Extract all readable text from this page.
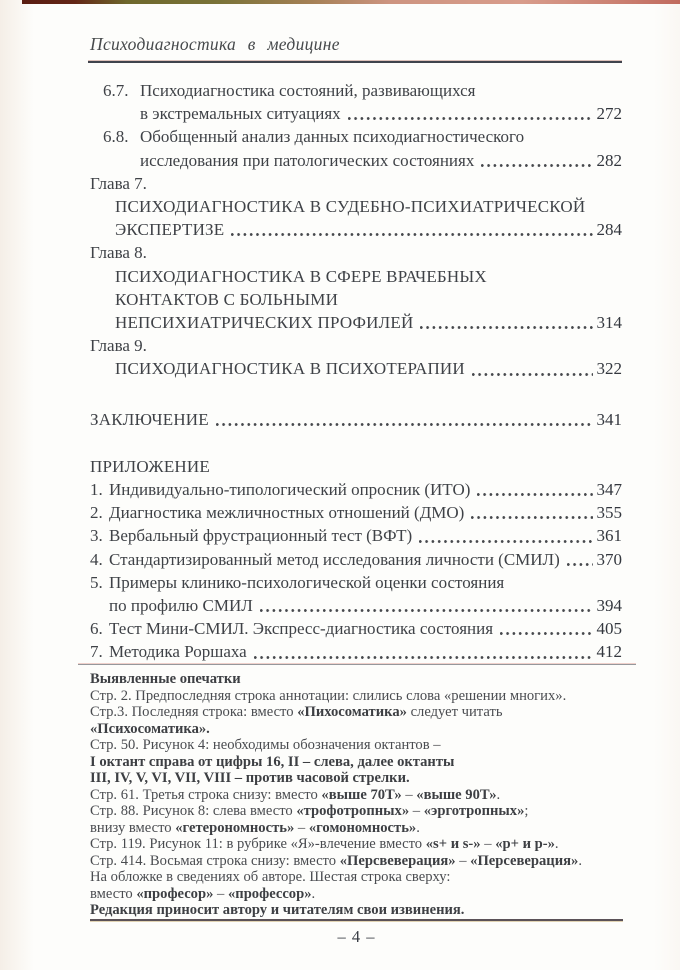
Психодиагностика в медицине
6.7. Психодиагностика состояний, развивающихся
в экстремальных ситуациях	272
6.8. Обобщенный анализ данных психодиагностического
исследования при патологических состояниях	282
Глава 7.
ПСИХОДИАГНОСТИКА В СУДЕБНО-ПСИХИАТРИЧЕСКОЙ
ЭКСПЕРТИЗЕ	284
Глава 8.
ПСИХОДИАГНОСТИКА В СФЕРЕ ВРАЧЕБНЫХ
КОНТАКТОВ С БОЛЬНЫМИ
НЕПСИХИАТРИЧЕСКИХ ПРОФИЛЕЙ	314
Глава 9.
ПСИХОДИАГНОСТИКА В ПСИХОТЕРАПИИ	322
ЗАКЛЮЧЕНИЕ	341
ПРИЛОЖЕНИЕ
1. Индивидуально-типологический опросник (ИТО)	347
2. Диагностика межличностных отношений (ДМО)	355
3. Вербальный фрустрационный тест (ВФТ)	361
4. Стандартизированный метод исследования личности (СМИЛ) 370
5. Примеры клинико-психологической оценки состояния
по профилю СМИЛ	394
6. Тест Мини-СМИЛ. Экспресс-диагностика состояния	405
7. Методика Роршаха	412
Выявленные опечатки
Стр. 2. Предпоследняя строка аннотации: слились слова «решении многих».
Стр.3. Последняя строка: вместо «Пихосоматика» следует читать
«Психосоматика».
Стр. 50. Рисунок 4: необходимы обозначения октантов –
I октант справа от цифры 16, II – слева, далее октанты
III, IV, V, VI, VII, VIII – против часовой стрелки.
Стр. 61. Третья строка снизу: вместо «выше 70Т» – «выше 90Т».
Стр. 88. Рисунок 8: слева вместо «трофотропных» – «эрготропных»;
внизу вместо «гетерономность» – «гомономность».
Стр. 119. Рисунок 11: в рубрике «Я»-влечение вместо «s+ и s-» – «p+ и p-».
Стр. 414. Восьмая строка снизу: вместо «Персвеверация» – «Персеверация».
На обложке в сведениях об авторе. Шестая строка сверху:
вместо «професор» – «профессор».
Редакция приносит автору и читателям свои извинения.
– 4 –
